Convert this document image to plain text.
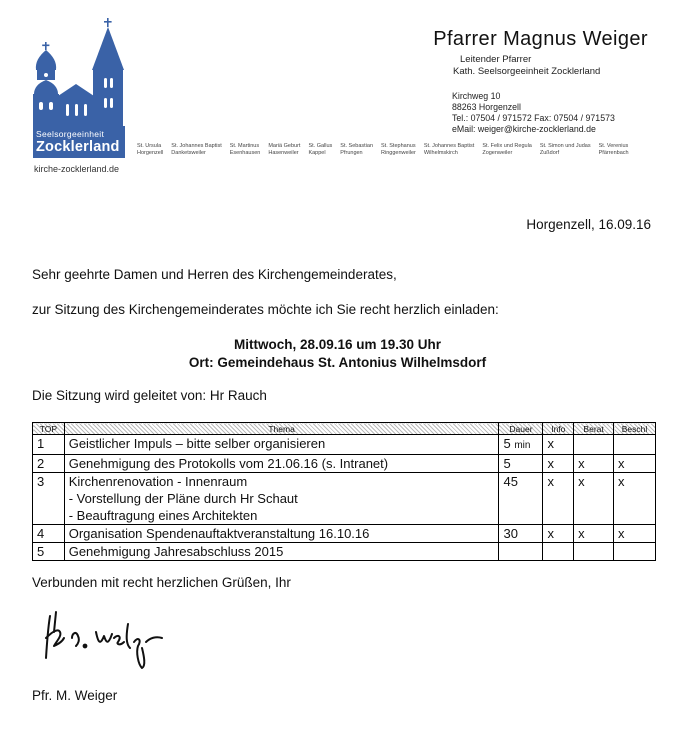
Seelsorgeeinheit
Zocklerland
kirche-zocklerland.de
St. Ursula
Horgenzell
St. Johannes Baptist
Danketsweiler
St. Martinus
Esenhausen
Mariä Geburt
Hasenweiler
St. Gallus
Kappel
St. Sebastian
Pfrungen
St. Stephanus
Ringgenweiler
St. Johannes Baptist
Wilhelmskirch
St. Felix und Regula
Zogenweiler
St. Simon und Judas
Zußdorf
St. Verenius
Pfärrenbach
Pfarrer Magnus Weiger
Leitender Pfarrer
Kath. Seelsorgeeinheit Zocklerland
Kirchweg 10
88263 Horgenzell
Tel.: 07504 / 971572 Fax: 07504 / 971573
eMail: weiger@kirche-zocklerland.de
Horgenzell, 16.09.16
Sehr geehrte Damen und Herren des Kirchengemeinderates,
zur Sitzung des Kirchengemeinderates möchte ich Sie recht herzlich einladen:
Mittwoch, 28.09.16 um 19.30 Uhr
Ort: Gemeindehaus St. Antonius Wilhelmsdorf
Die Sitzung wird geleitet von: Hr Rauch
TOP	Thema	Dauer	Info	Berat	Beschl
1	Geistlicher Impuls – bitte selber organisieren	5 min	x		
2	Genehmigung des Protokolls vom 21.06.16 (s. Intranet)	5	x	x	x
3	Kirchenrenovation - Innenraum
- Vorstellung der Pläne durch Hr Schaut
- Beauftragung eines Architekten	45	x	x	x
4	Organisation Spendenauftaktveranstaltung 16.10.16	30	x	x	x
5	Genehmigung Jahresabschluss 2015				

Verbunden mit recht herzlichen Grüßen, Ihr
Pfr. M. Weiger
